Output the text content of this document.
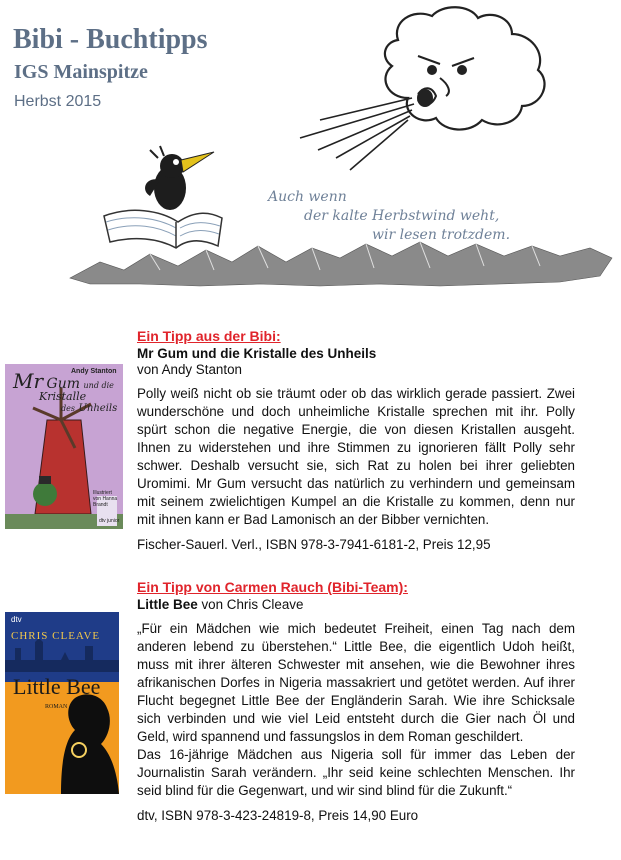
Bibi - Buchtipps
IGS Mainspitze
Herbst 2015
Auch wenn
der kalte Herbstwind weht,
wir lesen trotzdem.
Andy Stanton
Mr Gum und die
Kristalle
des Unheils
Illustriert von Hanna Brandt
dtv junior
Ein Tipp aus der Bibi:
Mr Gum und die Kristalle des Unheils
von Andy Stanton
Polly weiß nicht ob sie träumt oder ob das wirklich gerade passiert. Zwei wunderschöne und doch unheimliche Kristalle sprechen mit ihr. Polly spürt schon die negative Energie, die von diesen Kristallen ausgeht. Ihnen zu widerstehen und ihre Stimmen zu ignorieren fällt Polly sehr schwer. Deshalb versucht sie, sich Rat zu holen bei ihrer geliebten Uromimi. Mr Gum versucht das natürlich zu verhindern und gemeinsam mit seinem zwielichtigen Kumpel an die Kristalle zu kommen, denn nur mit ihnen kann er Bad Lamonisch an der Bibber vernichten.
Fischer-Sauerl. Verl., ISBN 978-3-7941-6181-2, Preis 12,95
dtv
CHRIS CLEAVE
Little Bee
ROMAN
Ein Tipp von Carmen Rauch (Bibi-Team):
Little Bee von Chris Cleave
„Für ein Mädchen wie mich bedeutet Freiheit, einen Tag nach dem anderen lebend zu überstehen.“ Little Bee, die eigentlich Udoh heißt, muss mit ihrer älteren Schwester mit ansehen, wie die Bewohner ihres afrikanischen Dorfes in Nigeria massakriert und getötet werden. Auf ihrer Flucht begegnet Little Bee der Engländerin Sarah. Wie ihre Schicksale sich verbinden und wie viel Leid entsteht durch die Gier nach Öl und Geld, wird spannend und fassungslos in dem Roman geschildert.
Das 16-jährige Mädchen aus Nigeria soll für immer das Leben der Journalistin Sarah verändern. „Ihr seid keine schlechten Menschen. Ihr seid blind für die Gegenwart, und wir sind blind für die Zukunft.“
dtv, ISBN 978-3-423-24819-8, Preis 14,90 Euro
